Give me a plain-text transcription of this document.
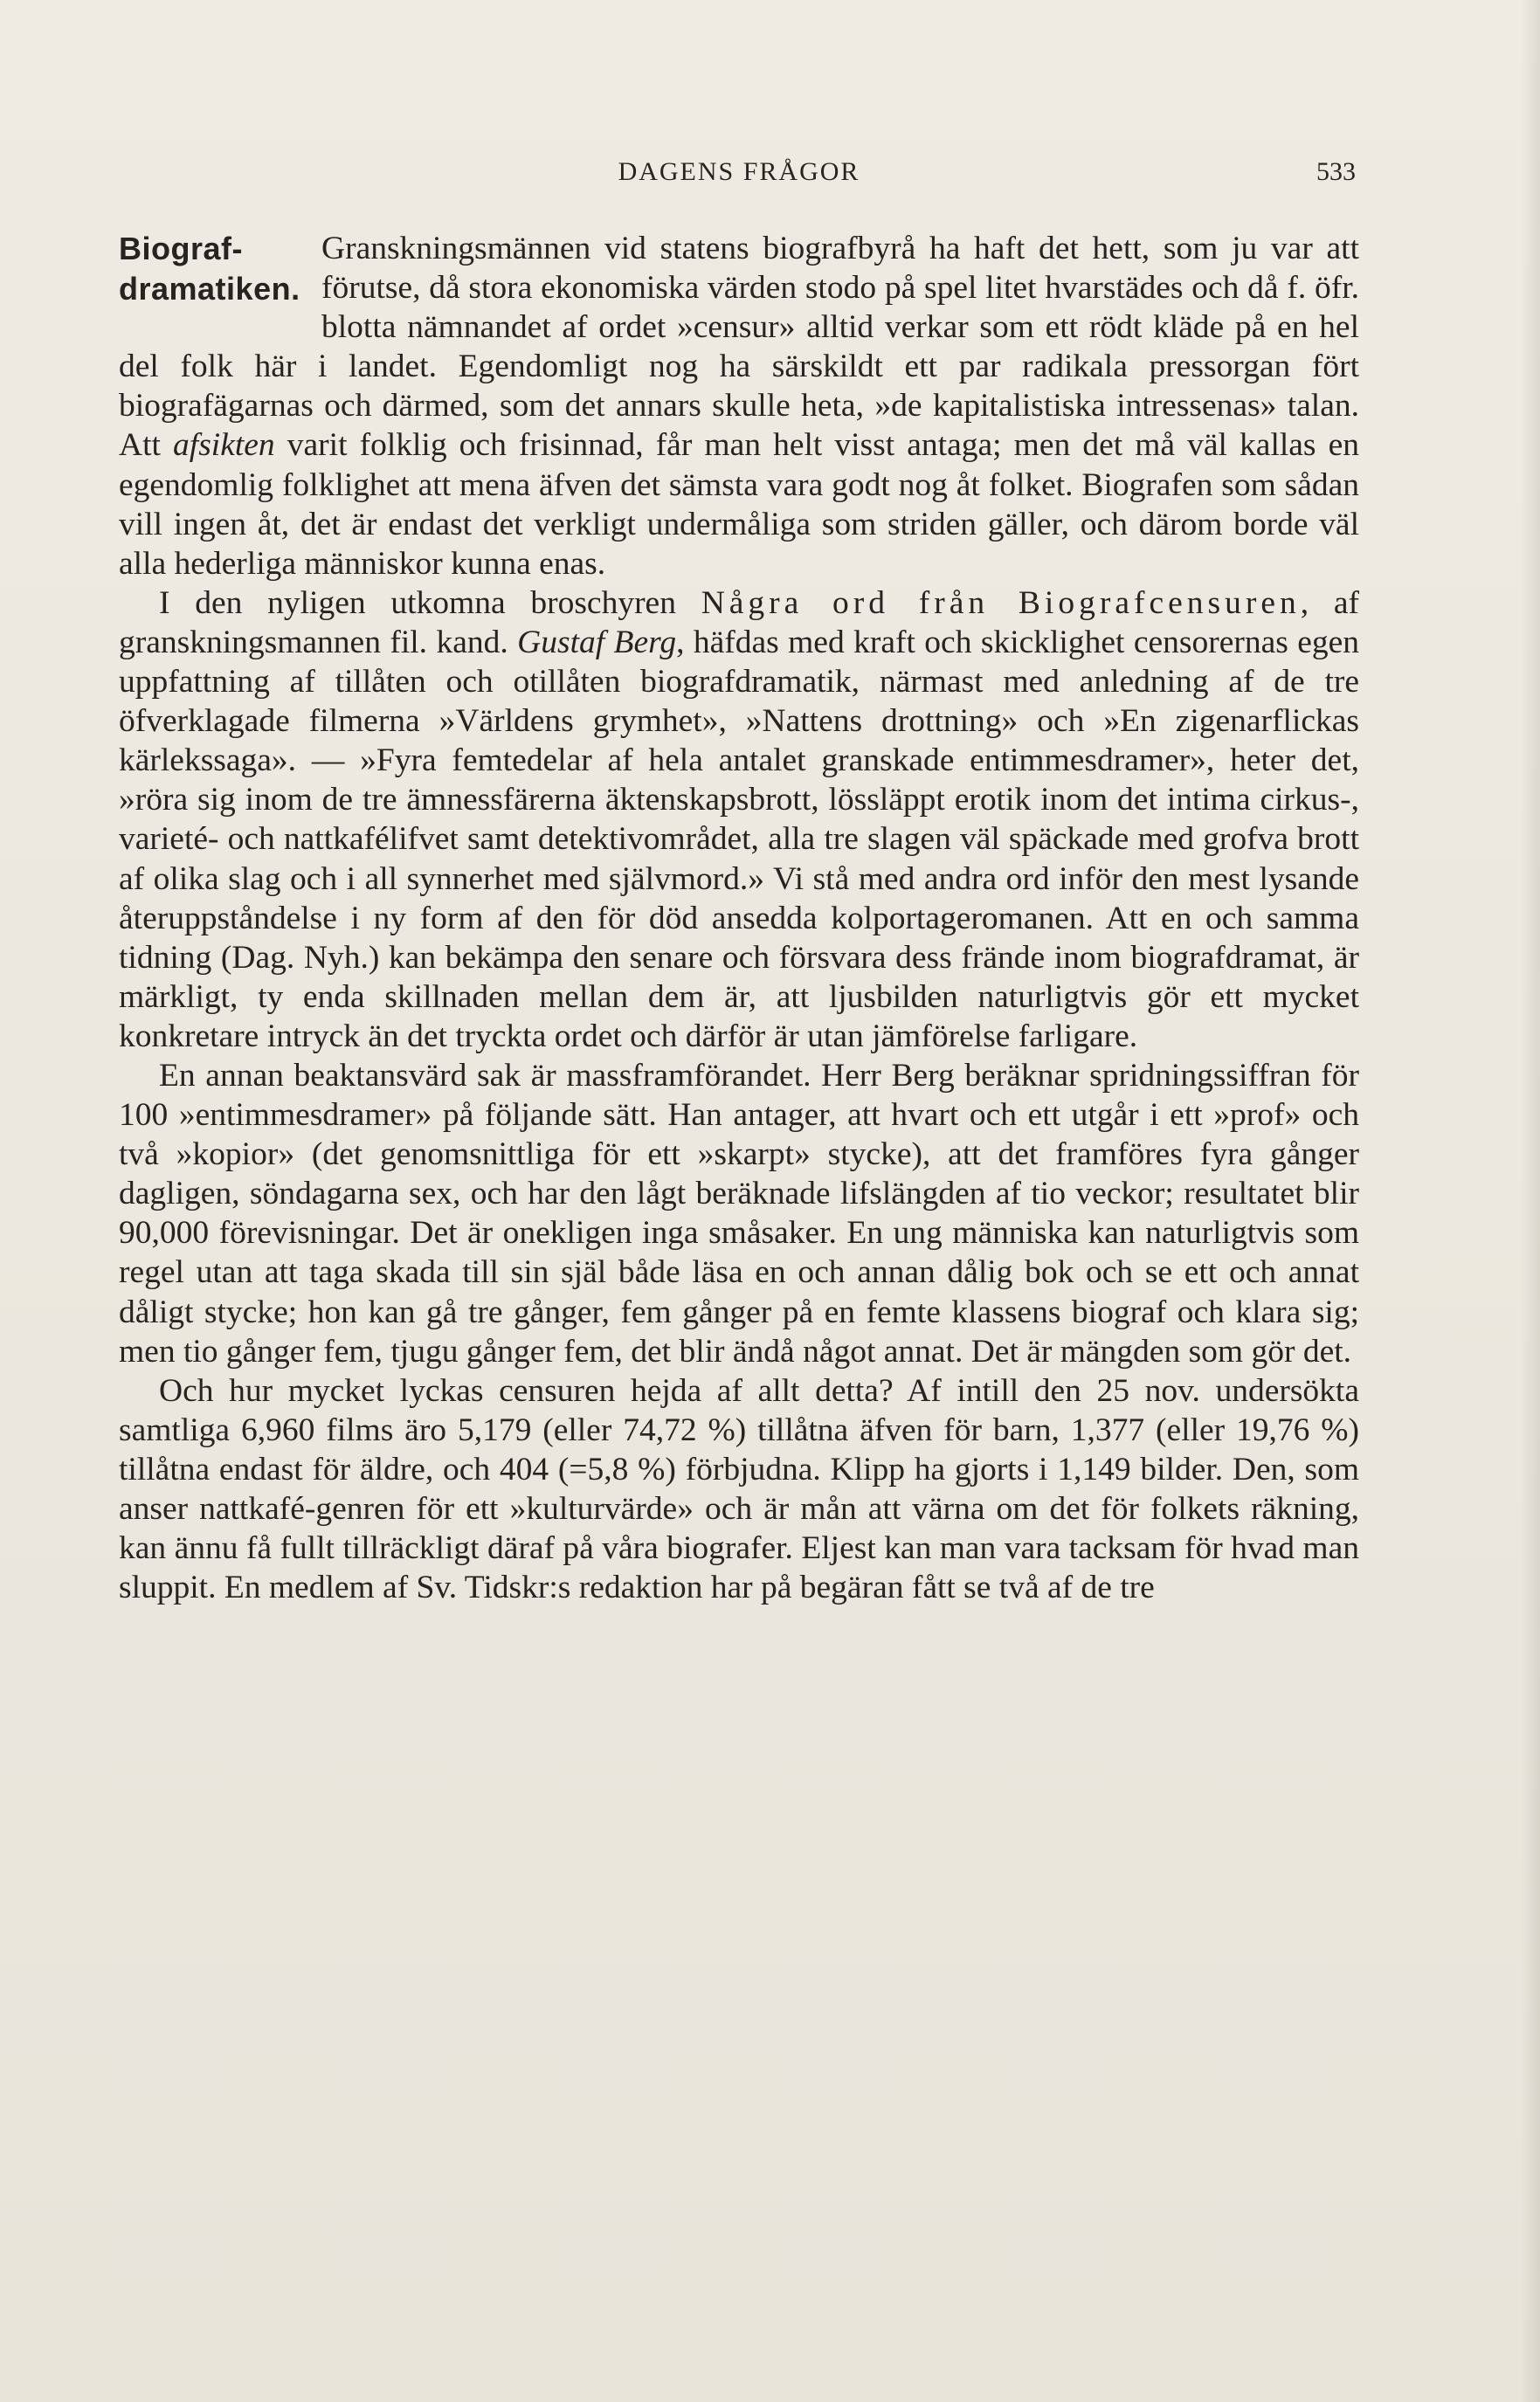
DAGENS FRÅGOR	533
Biograf-
dramatiken.

Granskningsmännen vid statens biografbyrå ha haft det hett, som ju var att förutse, då stora ekonomiska värden stodo på spel litet hvarstädes och då f. öfr. blotta nämnandet af ordet »censur» alltid verkar som ett rödt kläde på en hel del folk här i landet. Egendomligt nog ha särskildt ett par radikala pressorgan fört biografägarnas och därmed, som det annars skulle heta, »de kapitalistiska intressenas» talan. Att afsikten varit folklig och frisinnad, får man helt visst antaga; men det må väl kallas en egendomlig folklighet att mena äfven det sämsta vara godt nog åt folket. Biografen som sådan vill ingen åt, det är endast det verkligt undermåliga som striden gäller, och därom borde väl alla hederliga människor kunna enas.

I den nyligen utkomna broschyren Några ord från Biografcensuren, af granskningsmannen fil. kand. Gustaf Berg, häfdas med kraft och skicklighet censorernas egen uppfattning af tillåten och otillåten biografdramatik, närmast med anledning af de tre öfverklagade filmerna »Världens grymhet», »Nattens drottning» och »En zigenarflickas kärlekssaga». — »Fyra femtedelar af hela antalet granskade entimmesdramer», heter det, »röra sig inom de tre ämnessfärerna äktenskapsbrott, lössläppt erotik inom det intima cirkus-, varieté- och nattkafélifvet samt detektivområdet, alla tre slagen väl späckade med grofva brott af olika slag och i all synnerhet med självmord.» Vi stå med andra ord inför den mest lysande återuppståndelse i ny form af den för död ansedda kolportageromanen. Att en och samma tidning (Dag. Nyh.) kan bekämpa den senare och försvara dess frände inom biografdramat, är märkligt, ty enda skillnaden mellan dem är, att ljusbilden naturligtvis gör ett mycket konkretare intryck än det tryckta ordet och därför är utan jämförelse farligare.

En annan beaktansvärd sak är massframförandet. Herr Berg beräknar spridningssiffran för 100 »entimmesdramer» på följande sätt. Han antager, att hvart och ett utgår i ett »prof» och två »kopior» (det genomsnittliga för ett »skarpt» stycke), att det framföres fyra gånger dagligen, söndagarna sex, och har den lågt beräknade lifslängden af tio veckor; resultatet blir 90,000 förevisningar. Det är onekligen inga småsaker. En ung människa kan naturligtvis som regel utan att taga skada till sin själ både läsa en och annan dålig bok och se ett och annat dåligt stycke; hon kan gå tre gånger, fem gånger på en femte klassens biograf och klara sig; men tio gånger fem, tjugu gånger fem, det blir ändå något annat. Det är mängden som gör det.

Och hur mycket lyckas censuren hejda af allt detta? Af intill den 25 nov. undersökta samtliga 6,960 films äro 5,179 (eller 74,72 %) tillåtna äfven för barn, 1,377 (eller 19,76 %) tillåtna endast för äldre, och 404 (=5,8 %) förbjudna. Klipp ha gjorts i 1,149 bilder. Den, som anser nattkafé-genren för ett »kulturvärde» och är mån att värna om det för folkets räkning, kan ännu få fullt tillräckligt däraf på våra biografer. Eljest kan man vara tacksam för hvad man sluppit. En medlem af Sv. Tidskr:s redaktion har på begäran fått se två af de tre
